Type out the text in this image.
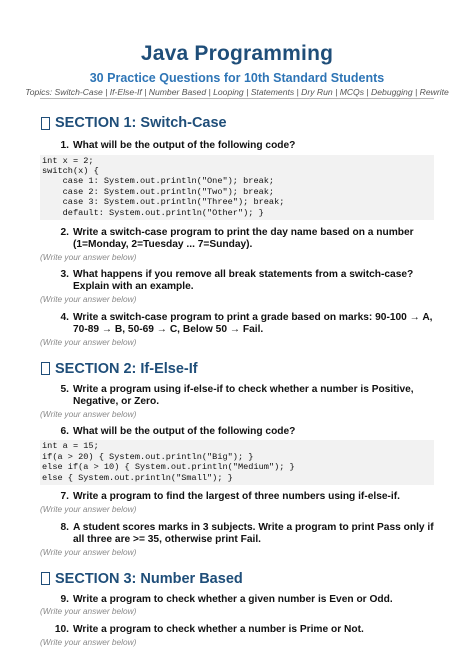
Java Programming
30 Practice Questions for 10th Standard Students
Topics: Switch-Case | If-Else-If | Number Based | Looping | Statements | Dry Run | MCQs | Debugging | Rewrite
SECTION 1: Switch-Case
1. What will be the output of the following code?
int x = 2;
switch(x) {
case 1: System.out.println("One"); break;
case 2: System.out.println("Two"); break;
case 3: System.out.println("Three"); break;
default: System.out.println("Other"); }
2. Write a switch-case program to print the day name based on a number (1=Monday, 2=Tuesday ... 7=Sunday).
(Write your answer below)
3. What happens if you remove all break statements from a switch-case? Explain with an example.
(Write your answer below)
4. Write a switch-case program to print a grade based on marks: 90-100 → A, 70-89 → B, 50-69 → C, Below 50 → Fail.
(Write your answer below)
SECTION 2: If-Else-If
5. Write a program using if-else-if to check whether a number is Positive, Negative, or Zero.
(Write your answer below)
6. What will be the output of the following code?
int a = 15;
if(a > 20) { System.out.println("Big"); }
else if(a > 10) { System.out.println("Medium"); }
else { System.out.println("Small"); }
7. Write a program to find the largest of three numbers using if-else-if.
(Write your answer below)
8. A student scores marks in 3 subjects. Write a program to print Pass only if all three are >= 35, otherwise print Fail.
(Write your answer below)
SECTION 3: Number Based
9. Write a program to check whether a given number is Even or Odd.
(Write your answer below)
10. Write a program to check whether a number is Prime or Not.
(Write your answer below)
